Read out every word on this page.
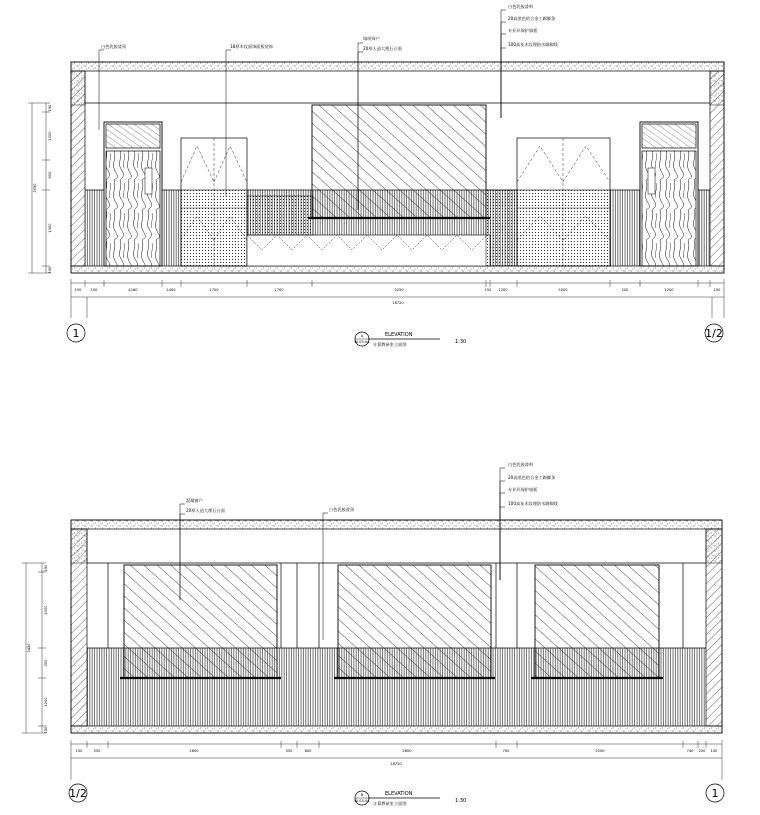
白色乳胶漆顶	18厚木纹面饰面板装饰
墙纸饰户
20厚人造大理石台面
白色乳胶漆料
20高黑色铝合金工踢脚条
专业环保护墙板
100高灰木纹理防水踢脚线
150	100	4160	1400	1700	1700	3250	150 1200	5000	200	1200	150
16720
150
1000
600
1300
150
3050
1	1/2
A
W-03-04
ELEVATION
计算教研室立面图	1:30
混凝窗户
20厚人造大理石台面	白色乳胶漆顶
白色乳胶漆料
20高黑色铝合金工踢脚条
专业环保护墙板
100高灰木纹理防水踢脚线
150	550	2600	550	600	2600	700	2200	740 200 150
16720
150
1000
300
1200
150
3450
1/2	1
B
W-03-04
ELEVATION
计算教研室立面图	1:30
